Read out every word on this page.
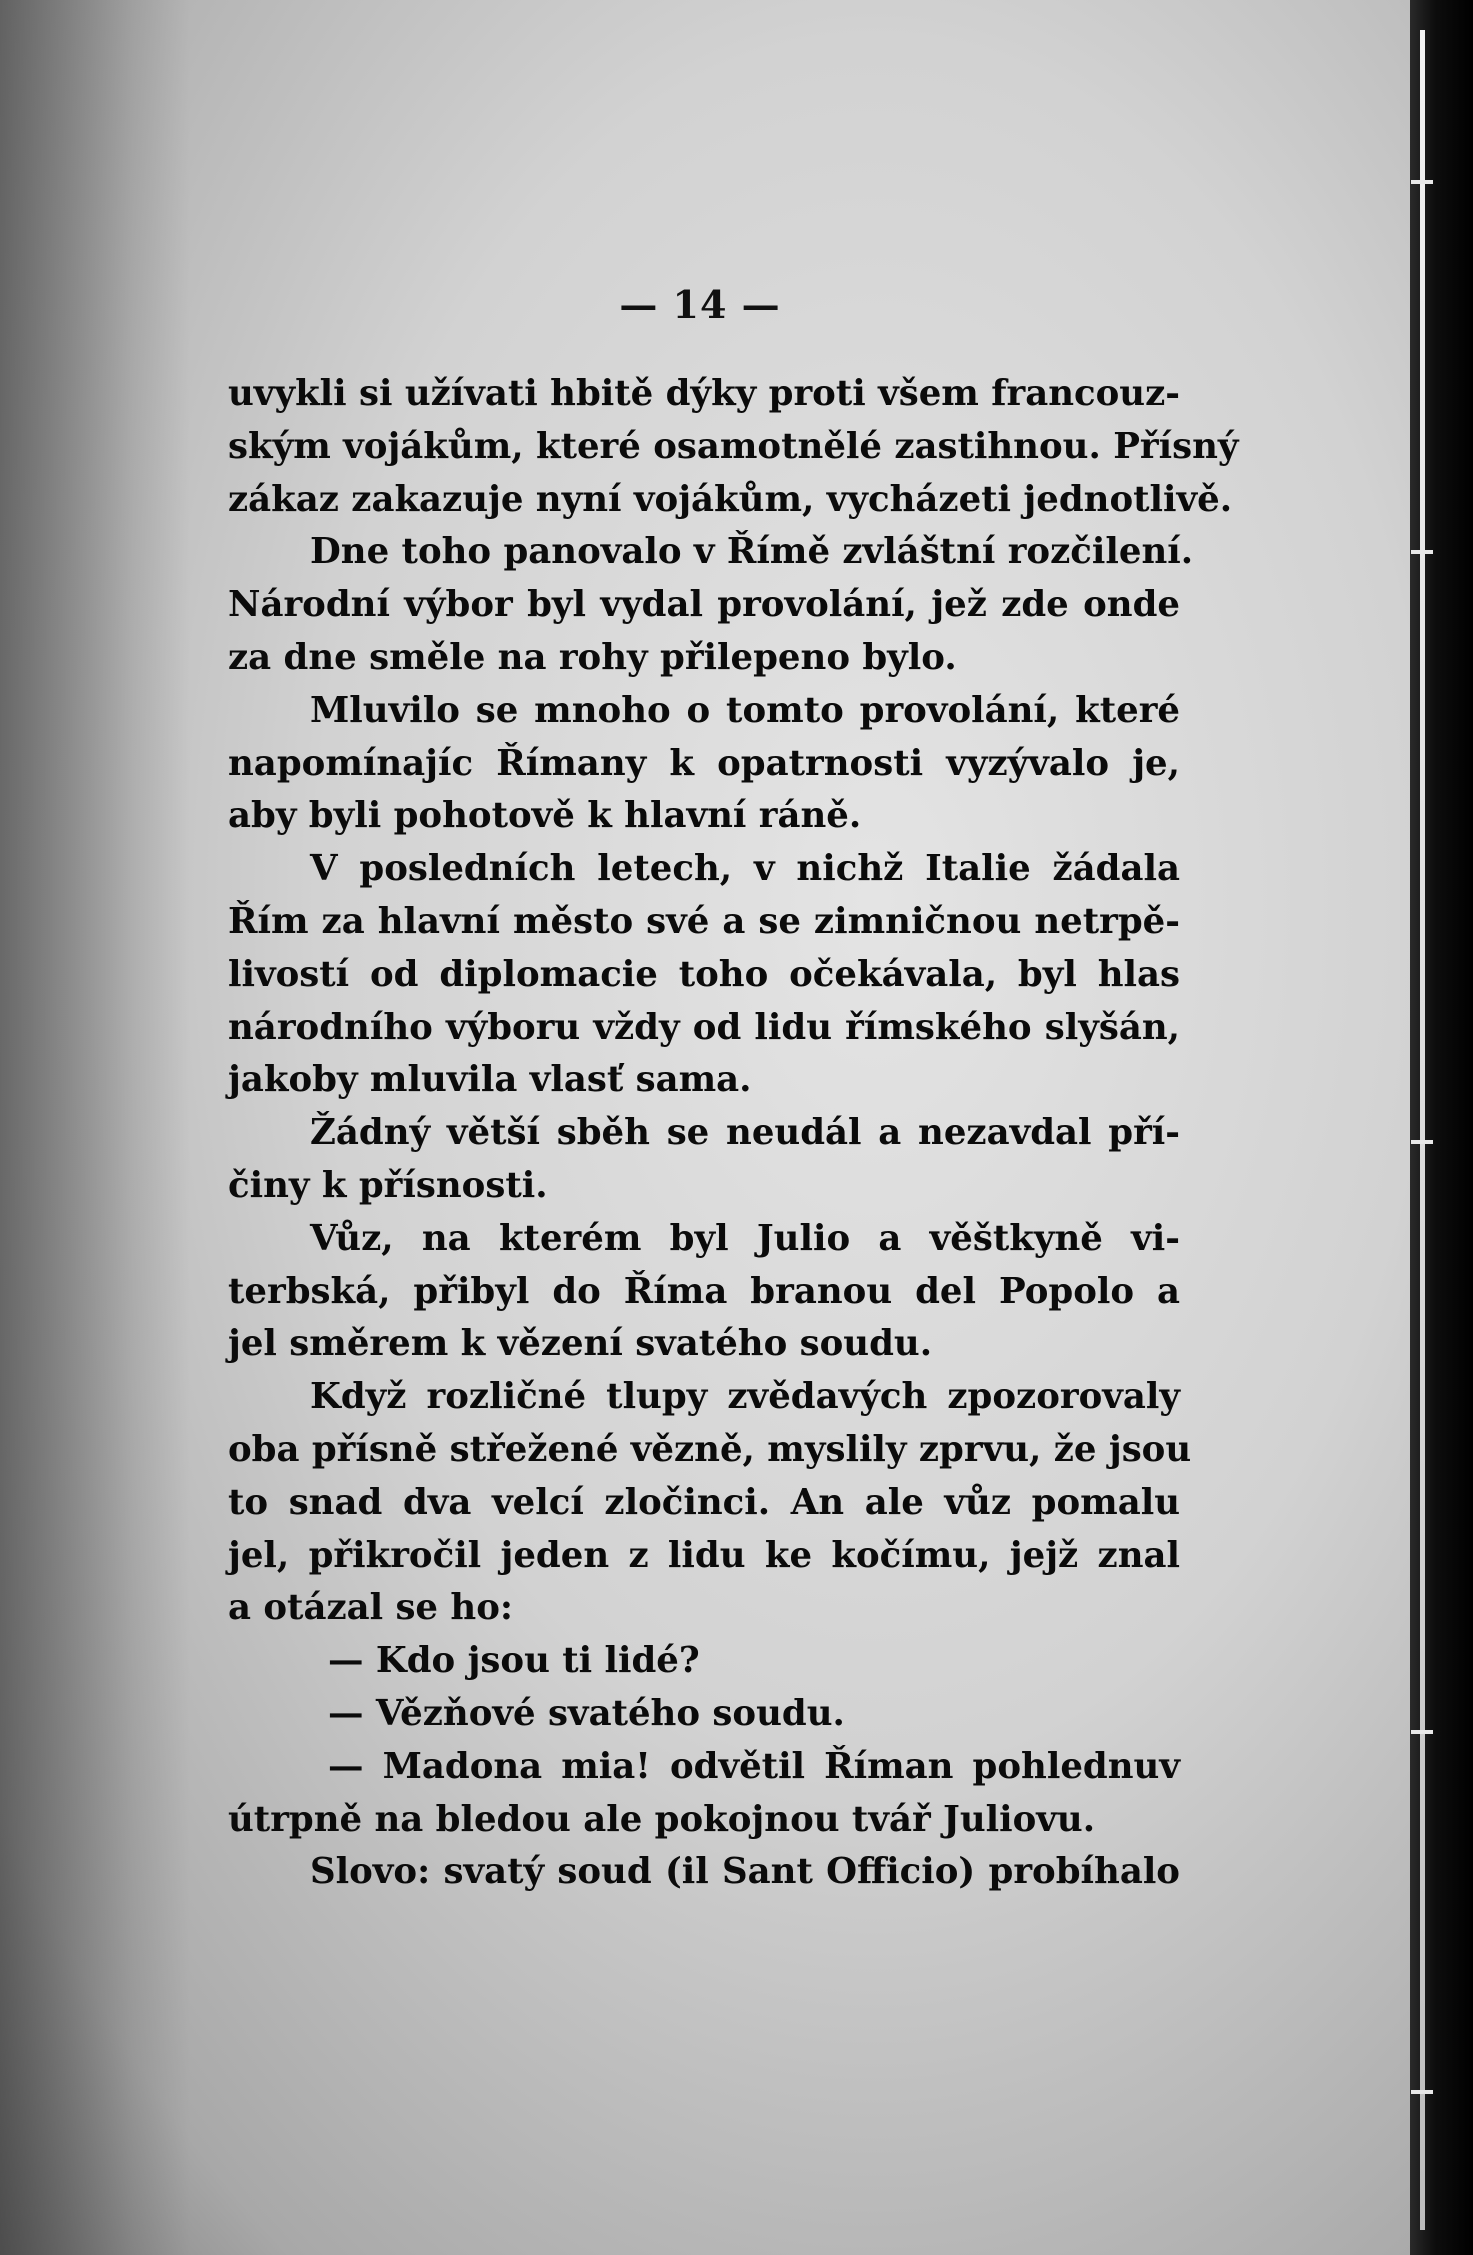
— 14 —
uvykli si užívati hbitě dýky proti všem francouz-
ským vojákům, které osamotnělé zastihnou. Přísný
zákaz zakazuje nyní vojákům, vycházeti jednotlivě.
Dne toho panovalo v Římě zvláštní rozčilení.
Národní výbor byl vydal provolání, jež zde onde
za dne směle na rohy přilepeno bylo.
Mluvilo se mnoho o tomto provolání, které
napomínajíc Římany k opatrnosti vyzývalo je,
aby byli pohotově k hlavní ráně.
V posledních letech, v nichž Italie žádala
Řím za hlavní město své a se zimničnou netrpě-
livostí od diplomacie toho očekávala, byl hlas
národního výboru vždy od lidu římského slyšán,
jakoby mluvila vlasť sama.
Žádný větší sběh se neudál a nezavdal pří-
činy k přísnosti.
Vůz, na kterém byl Julio a věštkyně vi-
terbská, přibyl do Říma branou del Popolo a
jel směrem k vězení svatého soudu.
Když rozličné tlupy zvědavých zpozorovaly
oba přísně střežené vězně, myslily zprvu, že jsou
to snad dva velcí zločinci. An ale vůz pomalu
jel, přikročil jeden z lidu ke kočímu, jejž znal
a otázal se ho:
— Kdo jsou ti lidé?
— Vězňové svatého soudu.
— Madona mia! odvětil Říman pohlednuv
útrpně na bledou ale pokojnou tvář Juliovu.
Slovo: svatý soud (il Sant Officio) probíhalo
